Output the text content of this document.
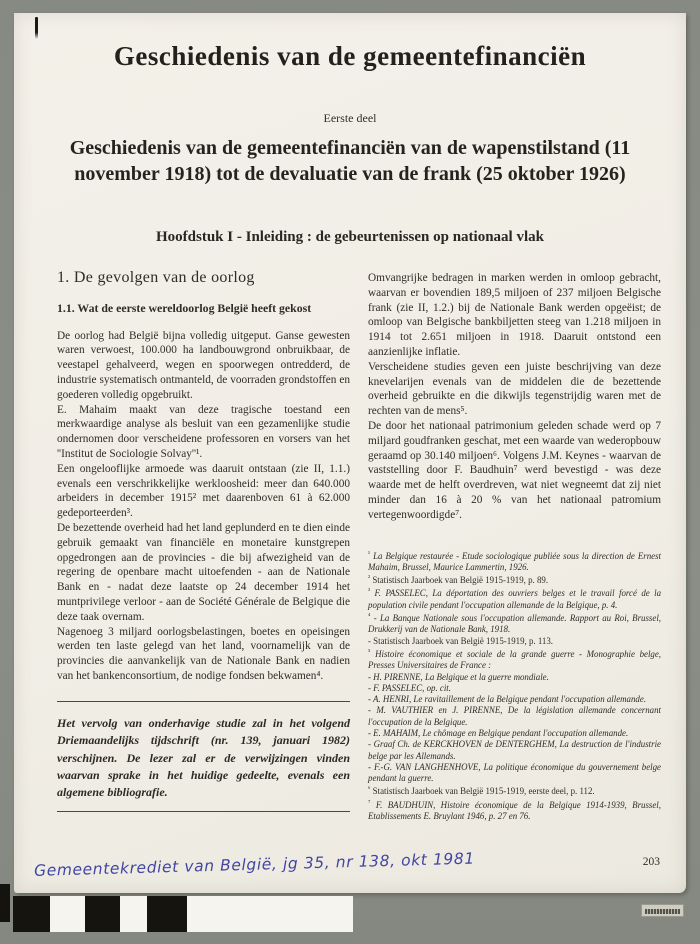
Geschiedenis van de gemeentefinanciën
Eerste deel
Geschiedenis van de gemeentefinanciën van de wapenstilstand (11 november 1918) tot de devaluatie van de frank (25 oktober 1926)
Hoofdstuk I - Inleiding : de gebeurtenissen op nationaal vlak
1. De gevolgen van de oorlog
1.1. Wat de eerste wereldoorlog België heeft gekost

De oorlog had België bijna volledig uitgeput. Ganse gewesten waren verwoest, 100.000 ha landbouwgrond onbruikbaar, de veestapel gehalveerd, wegen en spoorwegen ontredderd, de industrie systematisch ontmanteld, de voorraden grondstoffen en goederen volledig opgebruikt.

E. Mahaim maakt van deze tragische toestand een merkwaardige analyse als besluit van een gezamenlijke studie ondernomen door verscheidene professoren en vorsers van het ''Institut de Sociologie Solvay''¹.

Een ongelooflijke armoede was daaruit ontstaan (zie II, 1.1.) evenals een verschrikkelijke werkloosheid: meer dan 640.000 arbeiders in december 1915² met daarenboven 61 à 62.000 gedeporteerden³.

De bezettende overheid had het land geplunderd en te dien einde gebruik gemaakt van financiële en monetaire kunstgrepen opgedrongen aan de provincies - die bij afwezigheid van de regering de openbare macht uitoefenden - aan de Nationale Bank en - nadat deze laatste op 24 december 1914 het muntprivilege verloor - aan de Société Générale de Belgique die deze taak overnam.

Nagenoeg 3 miljard oorlogsbelastingen, boetes en opeisingen werden ten laste gelegd van het land, voornamelijk van de provincies die aanvankelijk van de Nationale Bank en nadien van het bankenconsortium, de nodige fondsen bekwamen⁴.

Het vervolg van onderhavige studie zal in het volgend Driemaandelijks tijdschrift (nr. 139, januari 1982) verschijnen. De lezer zal er de verwijzingen vinden waarvan sprake in het huidige gedeelte, evenals een algemene bibliografie.

Omvangrijke bedragen in marken werden in omloop gebracht, waarvan er bovendien 189,5 miljoen of 237 miljoen Belgische frank (zie II, 1.2.) bij de Nationale Bank werden opgeëist; de omloop van Belgische bankbiljetten steeg van 1.218 miljoen in 1914 tot 2.651 miljoen in 1918. Daaruit ontstond een aanzienlijke inflatie.

Verscheidene studies geven een juiste beschrijving van deze knevelarijen evenals van de middelen die de bezettende overheid gebruikte en die dikwijls tegenstrijdig waren met de rechten van de mens⁵.

De door het nationaal patrimonium geleden schade werd op 7 miljard goudfranken geschat, met een waarde van wederopbouw geraamd op 30.140 miljoen⁶. Volgens J.M. Keynes - waarvan de vaststelling door F. Baudhuin⁷ werd bevestigd - was deze waarde met de helft overdreven, wat niet wegneemt dat zij niet minder dan 16 à 20 % van het nationaal patromium vertegenwoordigde⁷.

$^{^1}$ La Belgique restaurée - Etude sociologique publiée sous la direction de Ernest Mahaim, Brussel, Maurice Lammertin, 1926.
$^{^2}$ Statistisch Jaarboek van België 1915-1919, p. 89.
$^{^3}$ F. PASSELEC, La déportation des ouvriers belges et le travail forcé de la population civile pendant l'occupation allemande de la Belgique, p. 4.
$^{^4}$ - La Banque Nationale sous l'occupation allemande. Rapport au Roi, Brussel, Drukkerij van de Nationale Bank, 1918.
- Statistisch Jaarboek van België 1915-1919, p. 113.
$^{^5}$ Histoire économique et sociale de la grande guerre - Monographie belge, Presses Universitaires de France :
- H. PIRENNE, La Belgique et la guerre mondiale.
- F. PASSELEC, op. cit.
- A. HENRI, Le ravitaillement de la Belgique pendant l'occupation allemande.
- M. VAUTHIER en J. PIRENNE, De la législation allemande concernant l'occupation de la Belgique.
- E. MAHAIM, Le chômage en Belgique pendant l'occupation allemande.
- Graaf Ch. de KERCKHOVEN de DENTERGHEM, La destruction de l'industrie belge par les Allemands.
- F.-G. VAN LANGHENHOVE, La politique économique du gouvernement belge pendant la guerre.
$^{^6}$ Statistisch Jaarboek van België 1915-1919, eerste deel, p. 112.
$^{^7}$ F. BAUDHUIN, Histoire économique de la Belgique 1914-1939, Brussel, Etablissements E. Bruylant 1946, p. 27 en 76.
203
Gemeentekrediet van België, jg 35, nr 138, okt 1981
